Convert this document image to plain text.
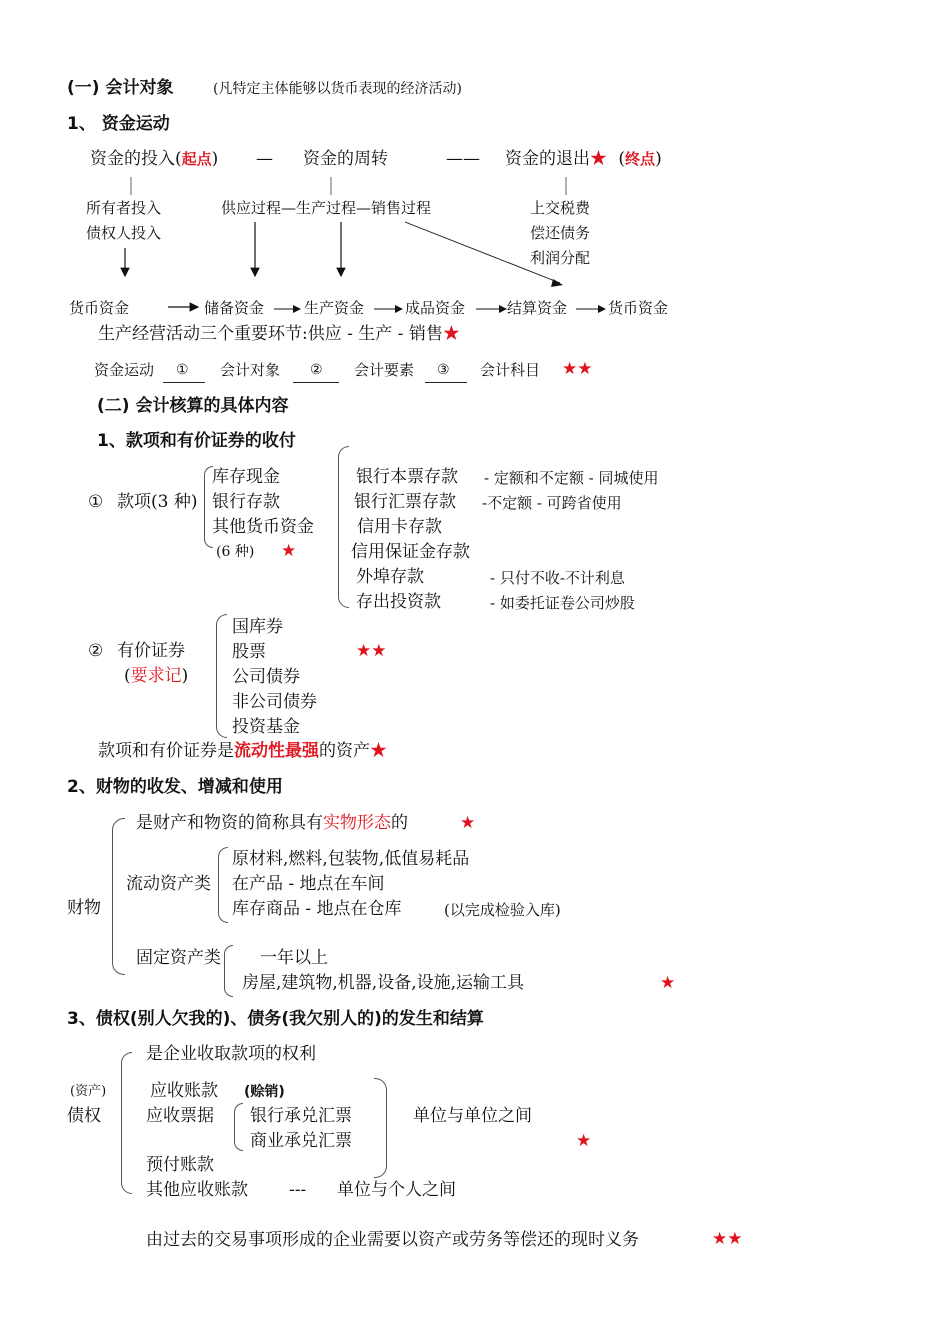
(一) 会计对象	(凡特定主体能够以货币表现的经济活动)
1、 资金运动
资金的投入(起点) — 资金的周转	—— 资金的退出★ (终点)
所有者投入
债权人投入
供应过程—生产过程—销售过程	上交税费
偿还债务
利润分配
货币资金	储备资金	生产资金	成品资金	结算资金	货币资金
生产经营活动三个重要环节:供应 - 生产 - 销售★
资金运动 ① 会计对象 ② 会计要素 ③ 会计科目 ★★
(二) 会计核算的具体内容
1、款项和有价证券的收付
① 款项(3 种)
库存现金
银行存款
其他货币资金
(6 种) ★
银行本票存款 - 定额和不定额 - 同城使用
银行汇票存款 -不定额 - 可跨省使用
信用卡存款
信用保证金存款
外埠存款	- 只付不收-不计利息
存出投资款	- 如委托证卷公司炒股
② 有价证券
(要求记)
国库券
股票
公司债券
非公司债券
投资基金
★★
款项和有价证券是流动性最强的资产★
2、财物的收发、增减和使用
财物
是财产和物资的简称具有实物形态的	★
流动资产类
原材料,燃料,包装物,低值易耗品
在产品 - 地点在车间
库存商品 - 地点在仓库	(以完成检验入库)
固定资产类 一年以上
房屋,建筑物,机器,设备,设施,运输工具	★
3、债权(别人欠我的)、债务(我欠别人的)的发生和结算
(资产)
债权
是企业收取款项的权利
应收账款 (赊销)
应收票据 银行承兑汇票
商业承兑汇票
单位与单位之间
★
预付账款
其他应收账款 --- 单位与个人之间
由过去的交易事项形成的企业需要以资产或劳务等偿还的现时义务	★★
